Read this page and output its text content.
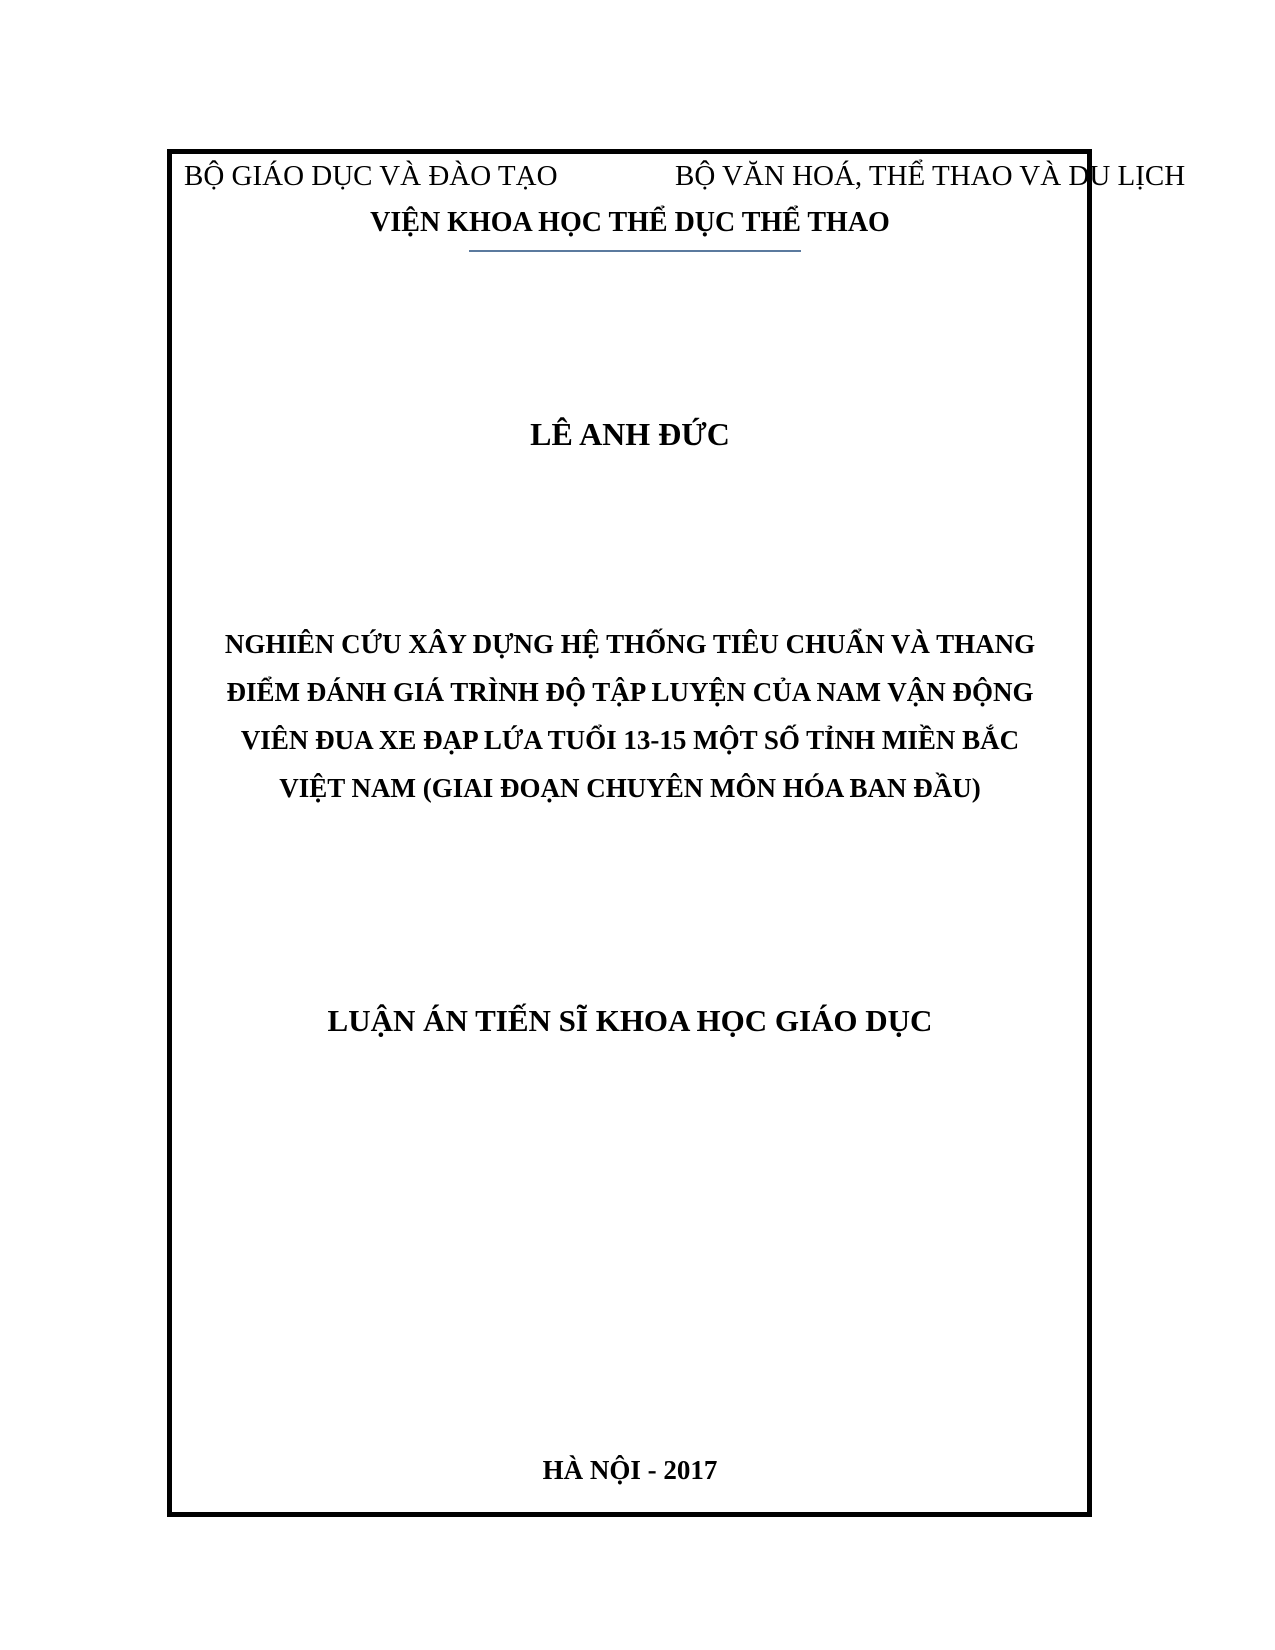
BỘ GIÁO DỤC VÀ ĐÀO TẠO	BỘ VĂN HOÁ, THỂ THAO VÀ DU LỊCH
VIỆN KHOA HỌC THỂ DỤC THỂ THAO
LÊ ANH ĐỨC
NGHIÊN CỨU XÂY DỰNG HỆ THỐNG TIÊU CHUẨN VÀ THANG
ĐIỂM ĐÁNH GIÁ TRÌNH ĐỘ TẬP LUYỆN CỦA NAM VẬN ĐỘNG
VIÊN ĐUA XE ĐẠP LỨA TUỔI 13-15 MỘT SỐ TỈNH MIỀN BẮC
VIỆT NAM (GIAI ĐOẠN CHUYÊN MÔN HÓA BAN ĐẦU)
LUẬN ÁN TIẾN SĨ KHOA HỌC GIÁO DỤC
HÀ NỘI - 2017
